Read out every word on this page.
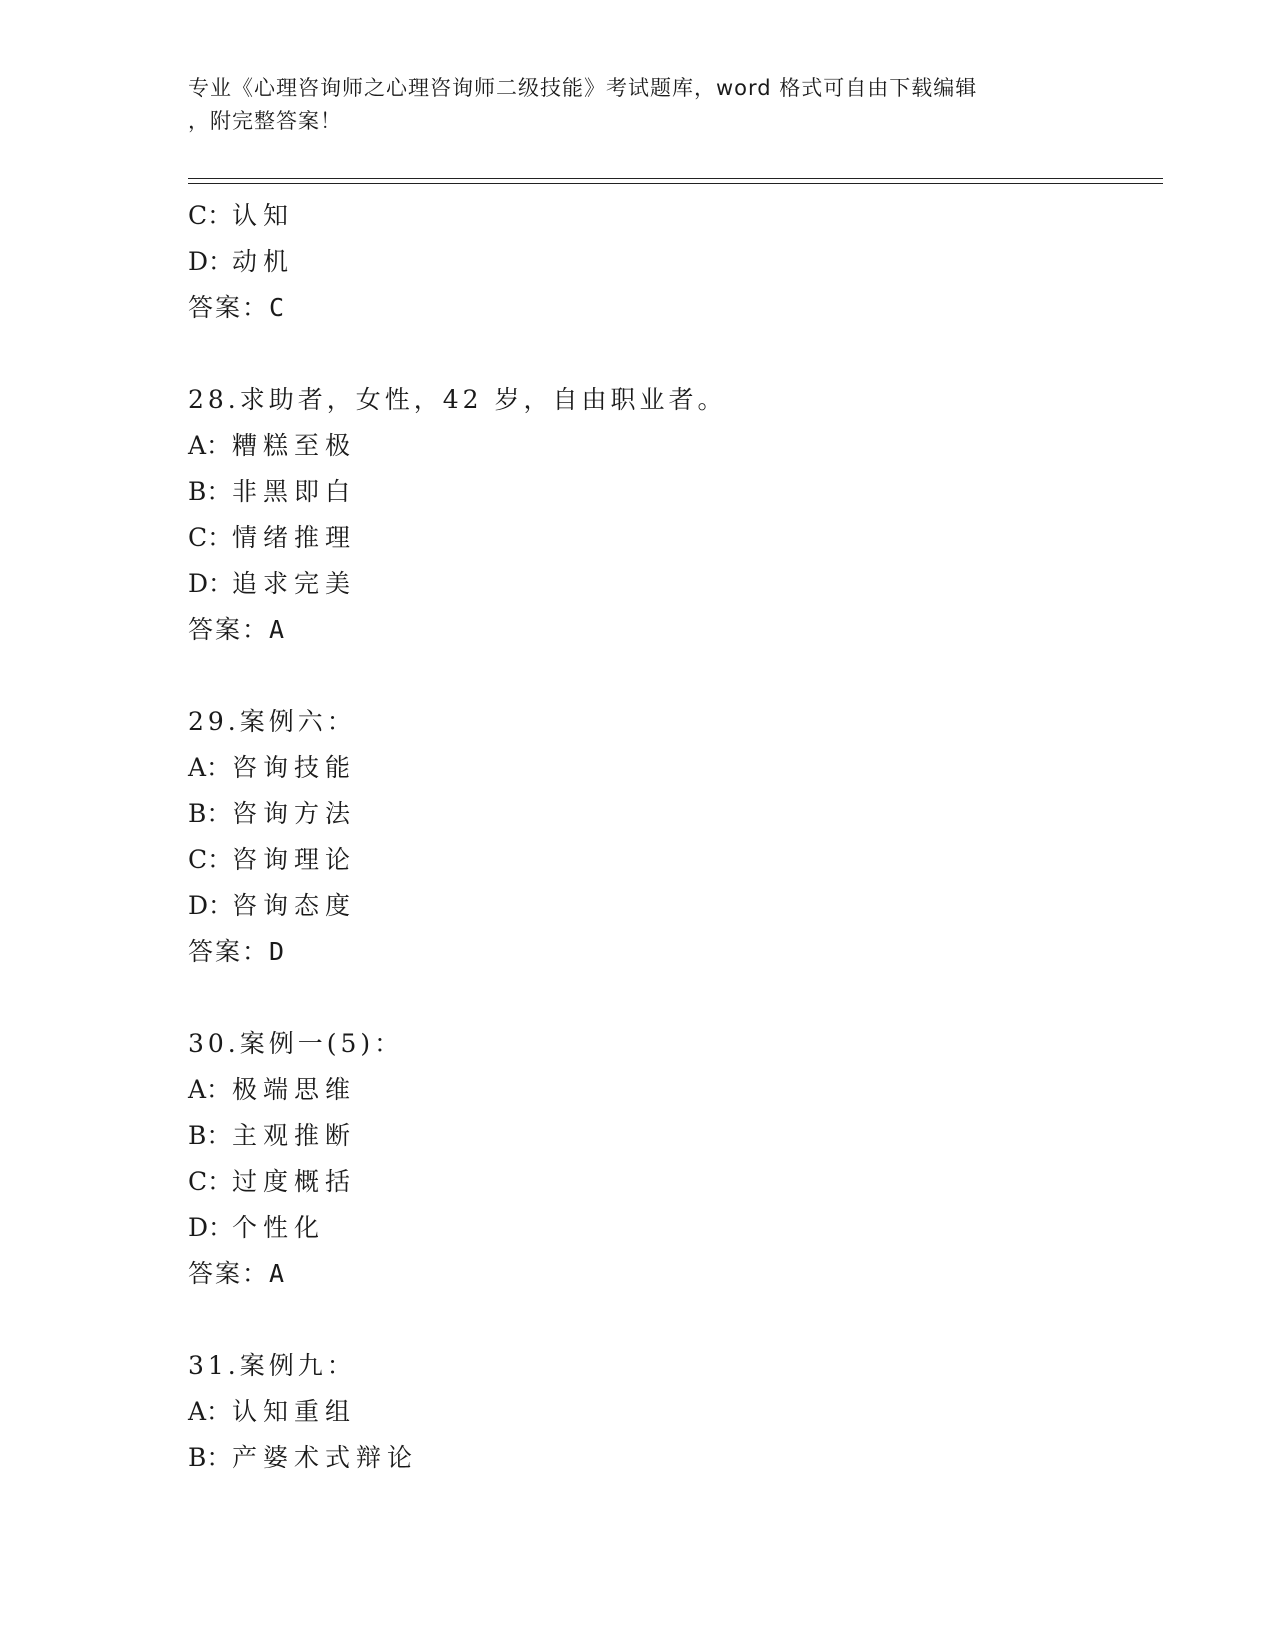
专业《心理咨询师之心理咨询师二级技能》考试题库，word 格式可自由下载编辑
，附完整答案！
C：认知
D：动机
答案：C
28.求助者，女性，42 岁，自由职业者。
A：糟糕至极
B：非黑即白
C：情绪推理
D：追求完美
答案：A
29.案例六：
A：咨询技能
B：咨询方法
C：咨询理论
D：咨询态度
答案：D
30.案例一(5)：
A：极端思维
B：主观推断
C：过度概括
D：个性化
答案：A
31.案例九：
A：认知重组
B：产婆术式辩论
